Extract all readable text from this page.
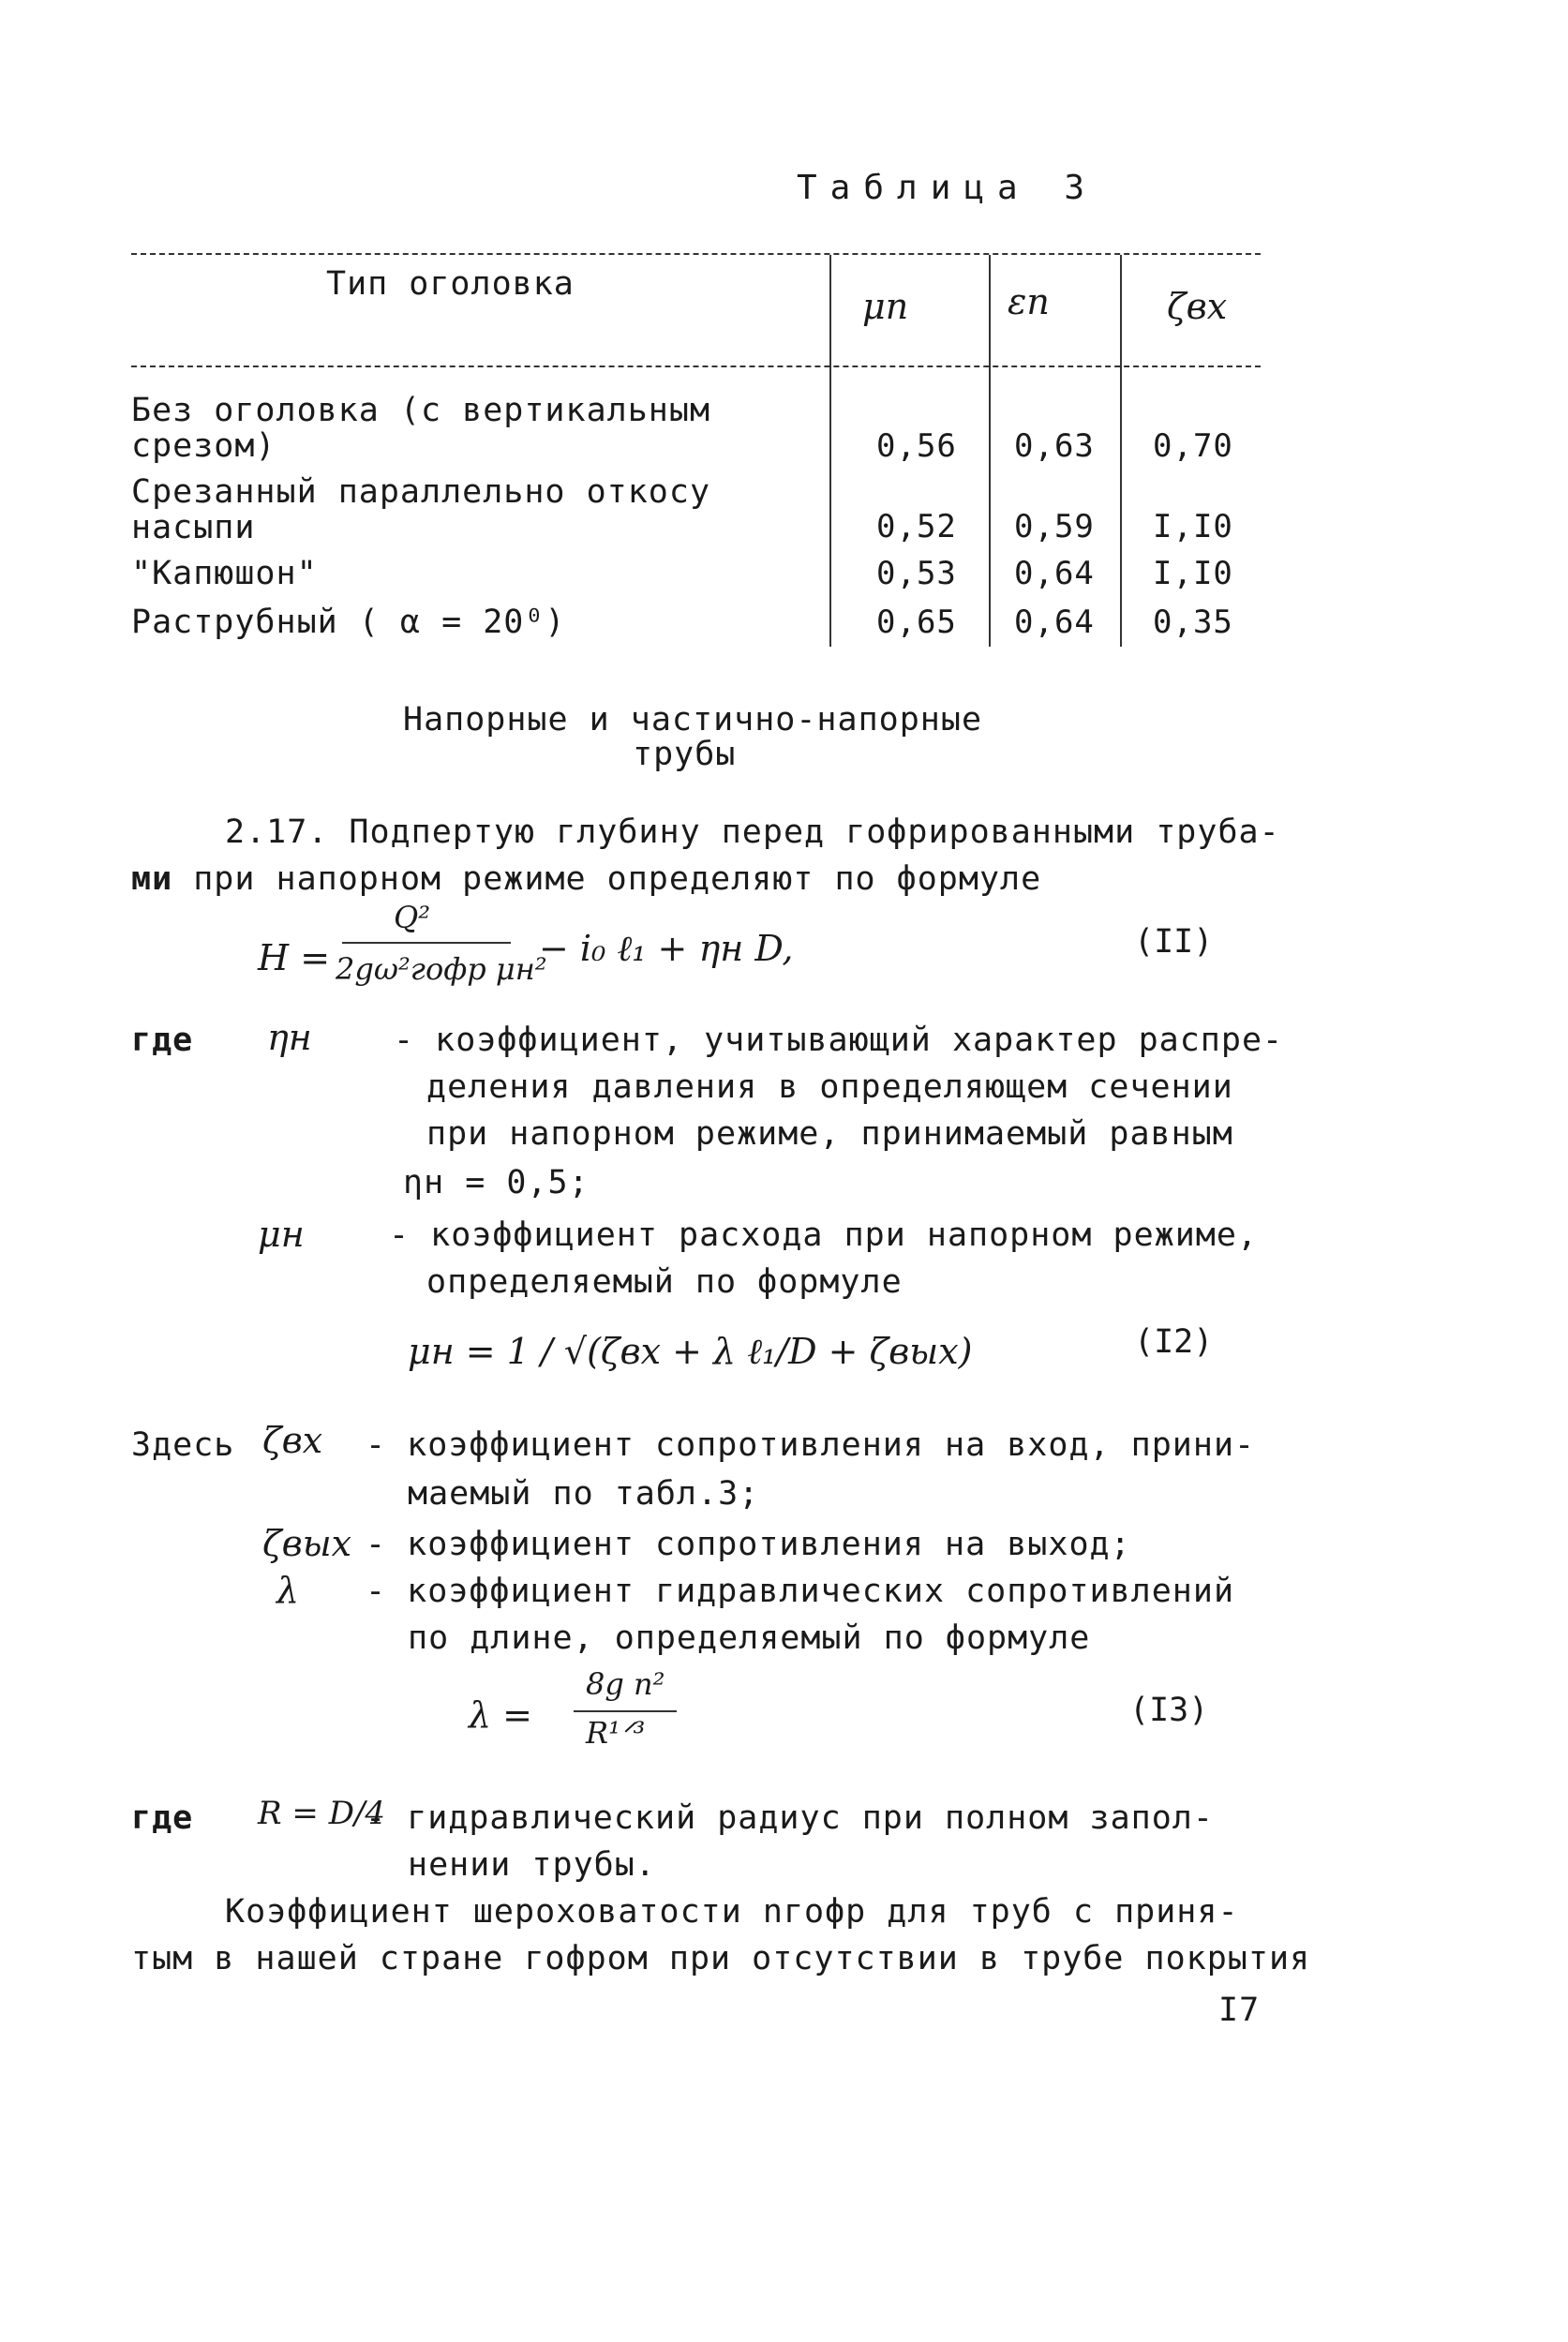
Таблица 3
Тип оголовка
μп	εп	ζвх
Без оголовка (с вертикальным
срезом)	0,56 0,63 0,70
Срезанный параллельно откосу
насыпи	0,52 0,59 I,I0
"Капюшон"	0,53 0,64 I,I0
Раструбный ( α = 20⁰)	0,65 0,64 0,35
Напорные и частично-напорные
трубы
2.17. Подпертую глубину перед гофрированными труба-
ми при напорном режиме определяют по формуле
H =
Q²
2gω²гофр μн²
− i₀ ℓ₁ + ηн D,	(II)
где ηн - коэффициент, учитывающий характер распре-
деления давления в определяющем сечении
при напорном режиме, принимаемый равным
ηн = 0,5;
μн	- коэффициент расхода при напорном режиме,
определяемый по формуле
μн = 1 / √(ζвх + λ ℓ₁/D + ζвых)	(I2)
Здесь ζвх - коэффициент сопротивления на вход, прини-
маемый по табл.3;
ζвых - коэффициент сопротивления на выход;
λ - коэффициент гидравлических сопротивлений
по длине, определяемый по формуле
λ =
8g n²
R¹ᐟ³
(I3)
где R = D/4
- гидравлический радиус при полном запол-
нении трубы.
Коэффициент шероховатости nгофр для труб с приня-
тым в нашей стране гофром при отсутствии в трубе покрытия
I7
